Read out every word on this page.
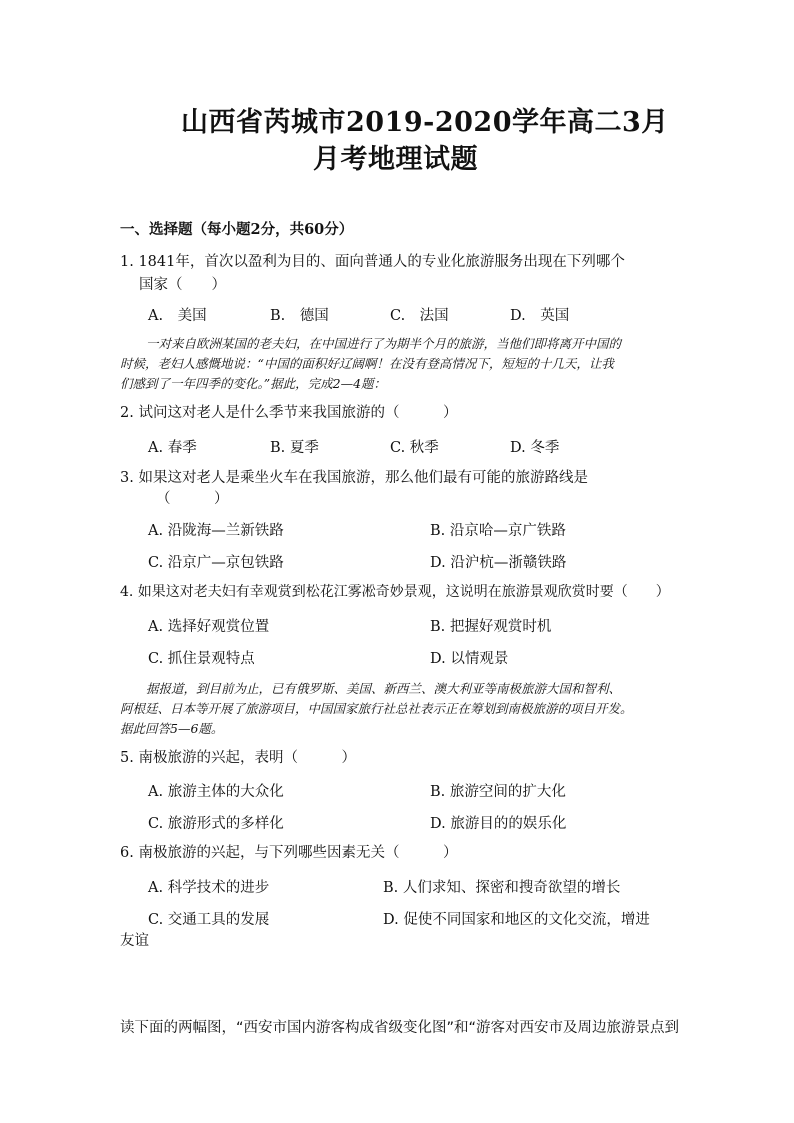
山西省芮城市2019-2020学年高二3月
月考地理试题
一、选择题（每小题2分，共60分）
1. 1841年，首次以盈利为目的、面向普通人的专业化旅游服务出现在下列哪个
国家（　　）
A.　美国	B.　德国	C.　法国	D.　英国
一对来自欧洲某国的老夫妇，在中国进行了为期半个月的旅游，当他们即将离开中国的
时候，老妇人感慨地说：“中国的面积好辽阔啊！在没有登高情况下，短短的十几天，让我
们感到了一年四季的变化。”据此，完成2—4题：
2. 试问这对老人是什么季节来我国旅游的（　　　）
A. 春季	B. 夏季	C. 秋季	D. 冬季
3. 如果这对老人是乘坐火车在我国旅游，那么他们最有可能的旅游路线是
（　　　）
A. 沿陇海—兰新铁路	B. 沿京哈—京广铁路
C. 沿京广—京包铁路	D. 沿沪杭—浙赣铁路
4. 如果这对老夫妇有幸观赏到松花江雾凇奇妙景观，这说明在旅游景观欣赏时要（　　）
A. 选择好观赏位置	B. 把握好观赏时机
C. 抓住景观特点	D. 以情观景
据报道，到目前为止，已有俄罗斯、美国、新西兰、澳大利亚等南极旅游大国和智利、
阿根廷、日本等开展了旅游项目，中国国家旅行社总社表示正在筹划到南极旅游的项目开发。
据此回答5—6题。
5. 南极旅游的兴起，表明（　　　）
A. 旅游主体的大众化	B. 旅游空间的扩大化
C. 旅游形式的多样化	D. 旅游目的的娱乐化
6. 南极旅游的兴起，与下列哪些因素无关（　　　）
A. 科学技术的进步	B. 人们求知、探密和搜奇欲望的增长
C. 交通工具的发展	D. 促使不同国家和地区的文化交流，增进
友谊
读下面的两幅图，“西安市国内游客构成省级变化图”和“游客对西安市及周边旅游景点到
